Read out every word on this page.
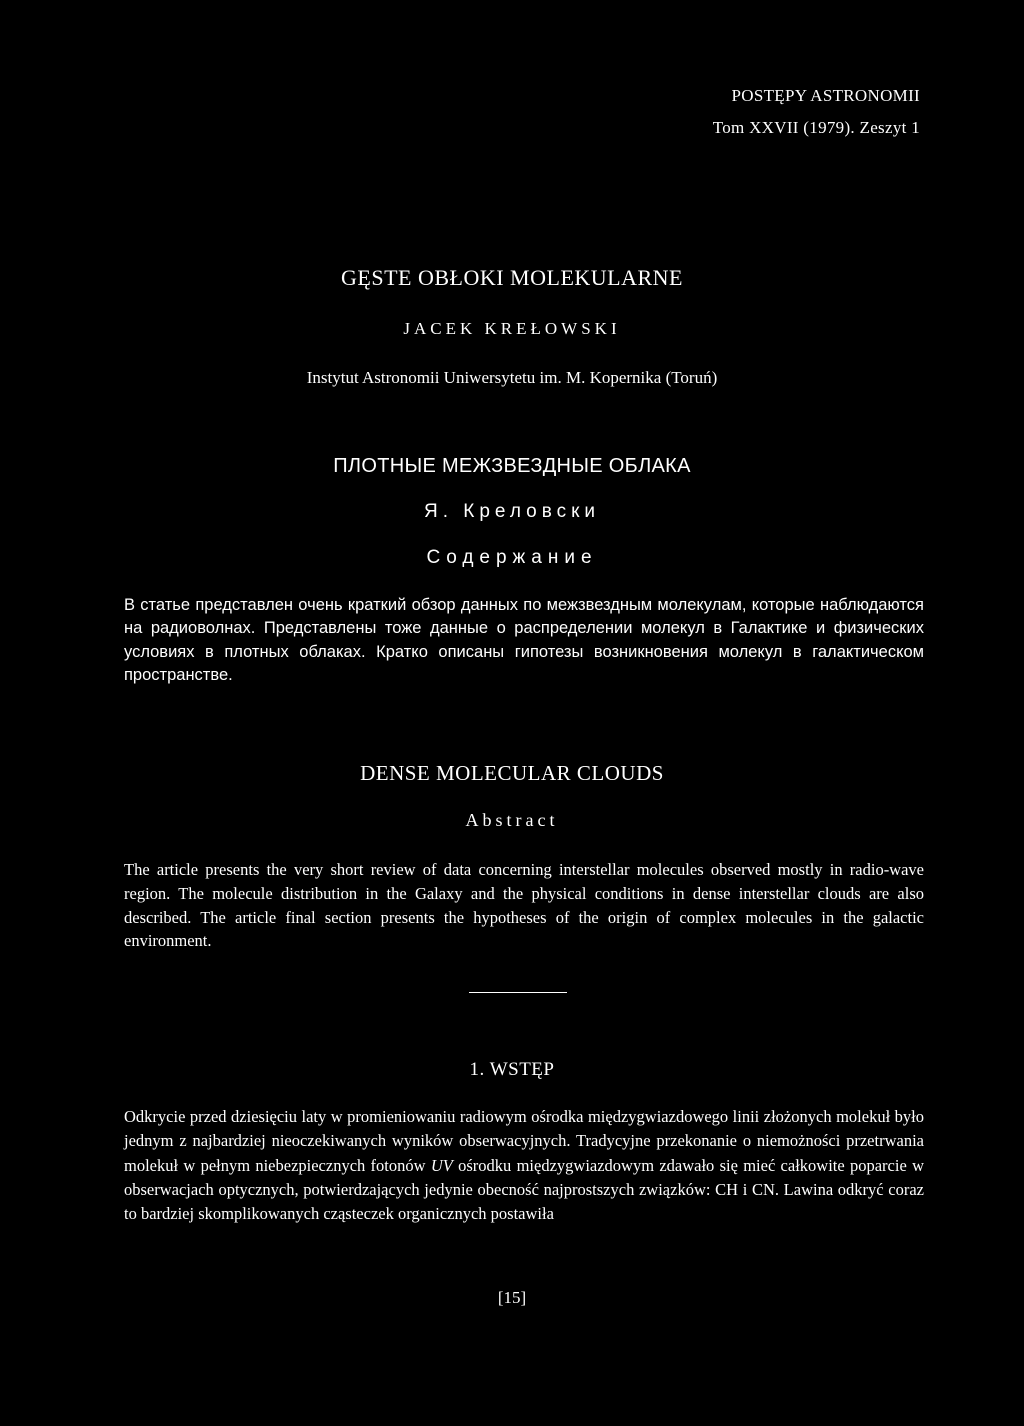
POSTĘPY ASTRONOMII
Tom XXVII (1979). Zeszyt 1
GĘSTE OBŁOKI MOLEKULARNE
JACEK KREŁOWSKI
Instytut Astronomii Uniwersytetu im. M. Kopernika (Toruń)
ПЛОТНЫЕ МЕЖЗВЕЗДНЫЕ ОБЛАКА
Я. Креловски
Содержание
В статье представлен очень краткий обзор данных по межзвездным молекулам, которые наблюдаются на радиоволнах. Представлены тоже данные о распределении молекул в Галактике и физических условиях в плотных облаках. Кратко описаны гипотезы возникновения молекул в галактическом пространстве.
DENSE MOLECULAR CLOUDS
Abstract
The article presents the very short review of data concerning interstellar molecules observed mostly in radio-wave region. The molecule distribution in the Galaxy and the physical conditions in dense interstellar clouds are also described. The article final section presents the hypotheses of the origin of complex molecules in the galactic environment.
1. WSTĘP
Odkrycie przed dziesięciu laty w promieniowaniu radiowym ośrodka międzygwiazdowego linii złożonych molekuł było jednym z najbardziej nieoczekiwanych wyników obserwacyjnych. Tradycyjne przekonanie o niemożności przetrwania molekuł w pełnym niebezpiecznych fotonów UV ośrodku międzygwiazdowym zdawało się mieć całkowite poparcie w obserwacjach optycznych, potwierdzających jedynie obecność najprostszych związków: CH i CN. Lawina odkryć coraz to bardziej skomplikowanych cząsteczek organicznych postawiła
[15]
